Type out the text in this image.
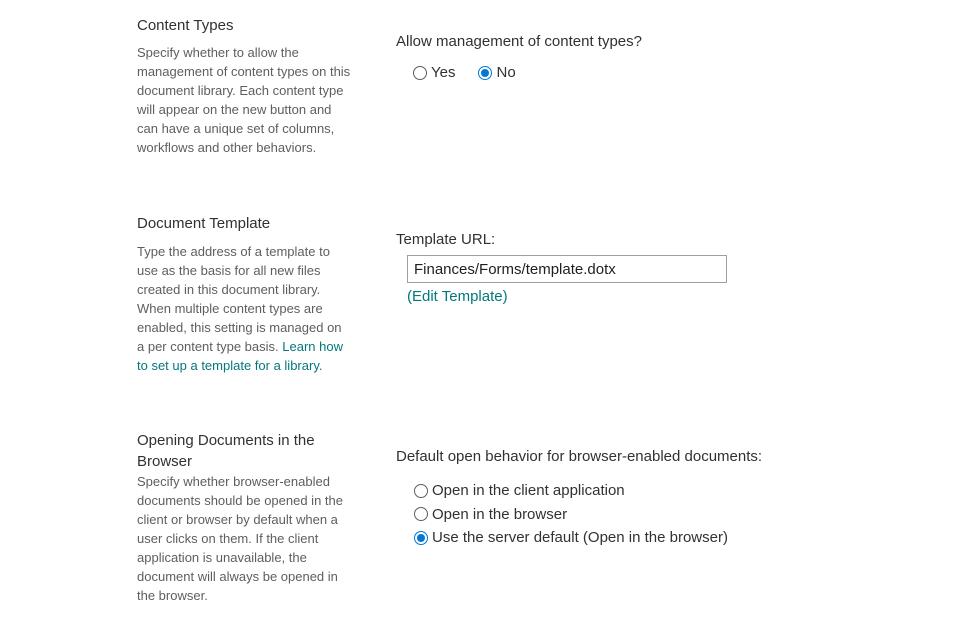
Content Types
Specify whether to allow the management of content types on this document library. Each content type will appear on the new button and can have a unique set of columns, workflows and other behaviors.
Allow management of content types?
Yes	No
Document Template
Type the address of a template to use as the basis for all new files created in this document library. When multiple content types are enabled, this setting is managed on a per content type basis. Learn how to set up a template for a library.
Template URL:
Finances/Forms/template.dotx
(Edit Template)
Opening Documents in the Browser
Specify whether browser-enabled documents should be opened in the client or browser by default when a user clicks on them. If the client application is unavailable, the document will always be opened in the browser.
Default open behavior for browser-enabled documents:
Open in the client application
Open in the browser
Use the server default (Open in the browser)
